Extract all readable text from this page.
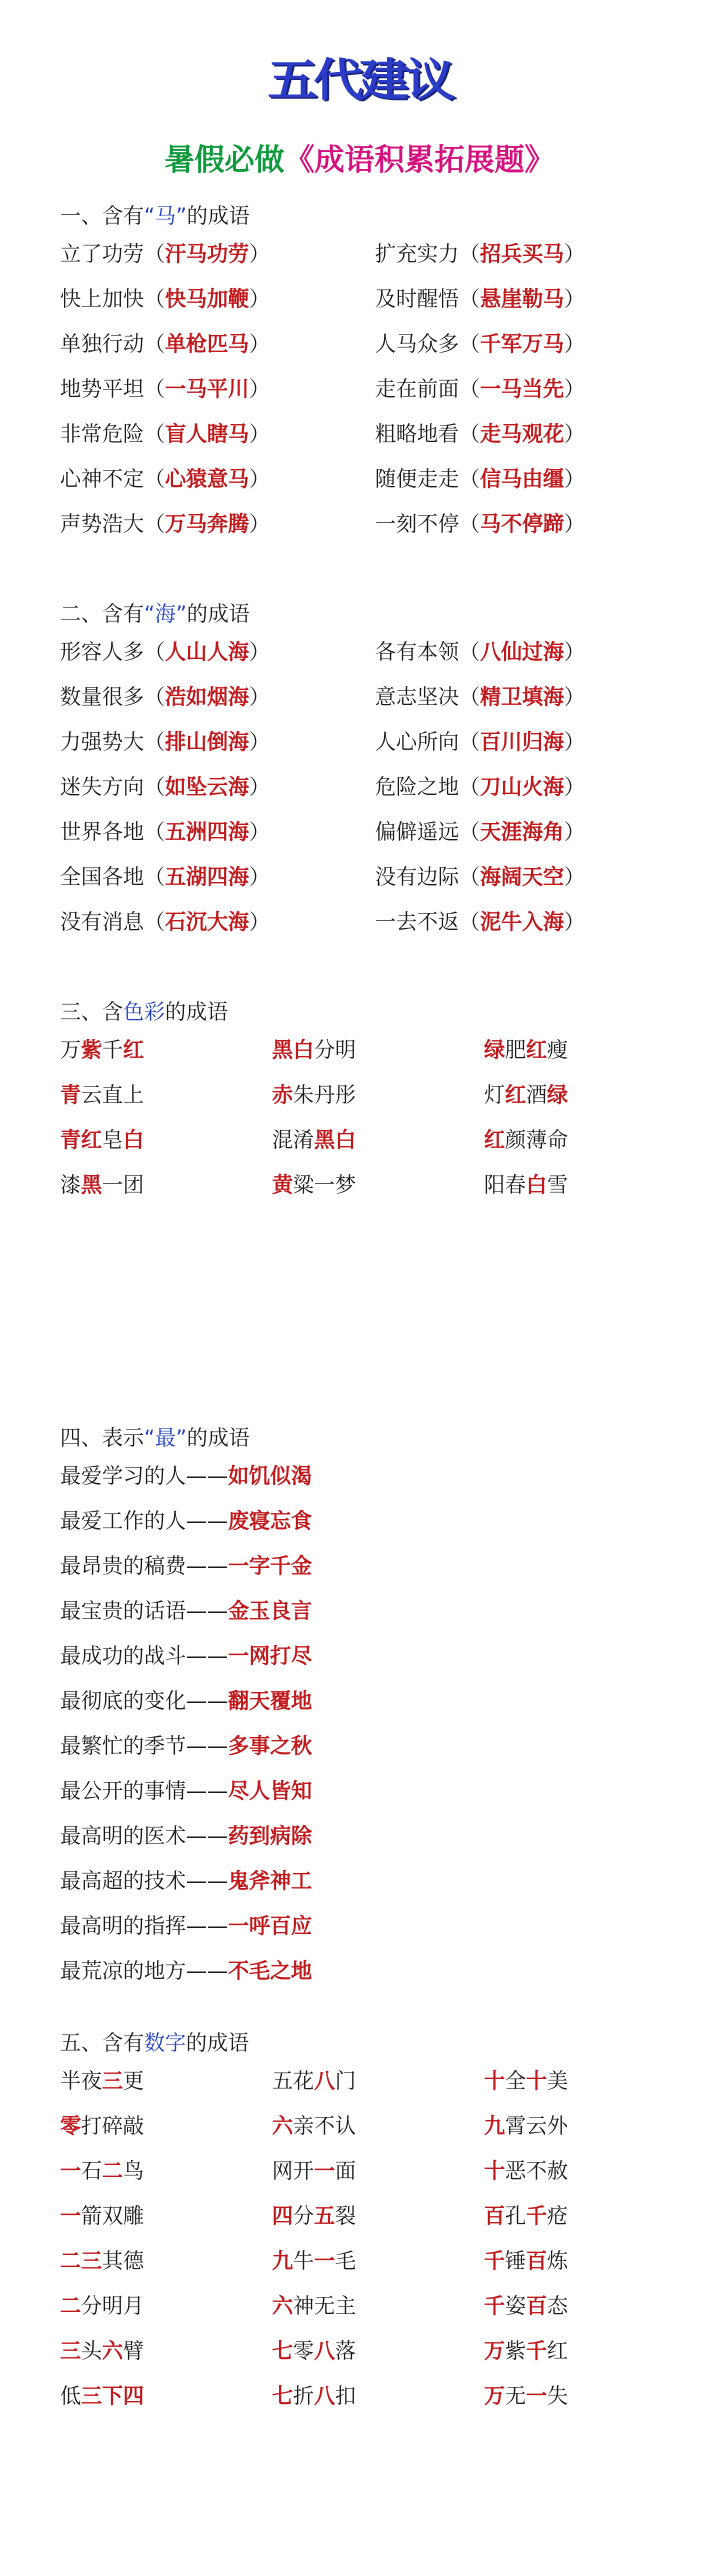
五代建议
暑假必做《成语积累拓展题》
一、含有“马”的成语
立了功劳（汗马功劳）	扩充实力（招兵买马）
快上加快（快马加鞭）	及时醒悟（悬崖勒马）
单独行动（单枪匹马）	人马众多（千军万马）
地势平坦（一马平川）	走在前面（一马当先）
非常危险（盲人瞎马）	粗略地看（走马观花）
心神不定（心猿意马）	随便走走（信马由缰）
声势浩大（万马奔腾）	一刻不停（马不停蹄）
二、含有“海”的成语
形容人多（人山人海）	各有本领（八仙过海）
数量很多（浩如烟海）	意志坚决（精卫填海）
力强势大（排山倒海）	人心所向（百川归海）
迷失方向（如坠云海）	危险之地（刀山火海）
世界各地（五洲四海）	偏僻遥远（天涯海角）
全国各地（五湖四海）	没有边际（海阔天空）
没有消息（石沉大海）	一去不返（泥牛入海）
三、含色彩的成语
万紫千红	黑白分明	绿肥红瘦
青云直上	赤朱丹彤	灯红酒绿
青红皂白	混淆黑白	红颜薄命
漆黑一团	黄粱一梦	阳春白雪
四、表示“最”的成语
最爱学习的人——如饥似渴
最爱工作的人——废寝忘食
最昂贵的稿费——一字千金
最宝贵的话语——金玉良言
最成功的战斗——一网打尽
最彻底的变化——翻天覆地
最繁忙的季节——多事之秋
最公开的事情——尽人皆知
最高明的医术——药到病除
最高超的技术——鬼斧神工
最高明的指挥——一呼百应
最荒凉的地方——不毛之地
五、含有数字的成语
半夜三更	五花八门	十全十美
零打碎敲	六亲不认	九霄云外
一石二鸟	网开一面	十恶不赦
一箭双雕	四分五裂	百孔千疮
二三其德	九牛一毛	千锤百炼
二分明月	六神无主	千姿百态
三头六臂	七零八落	万紫千红
低三下四	七折八扣	万无一失
